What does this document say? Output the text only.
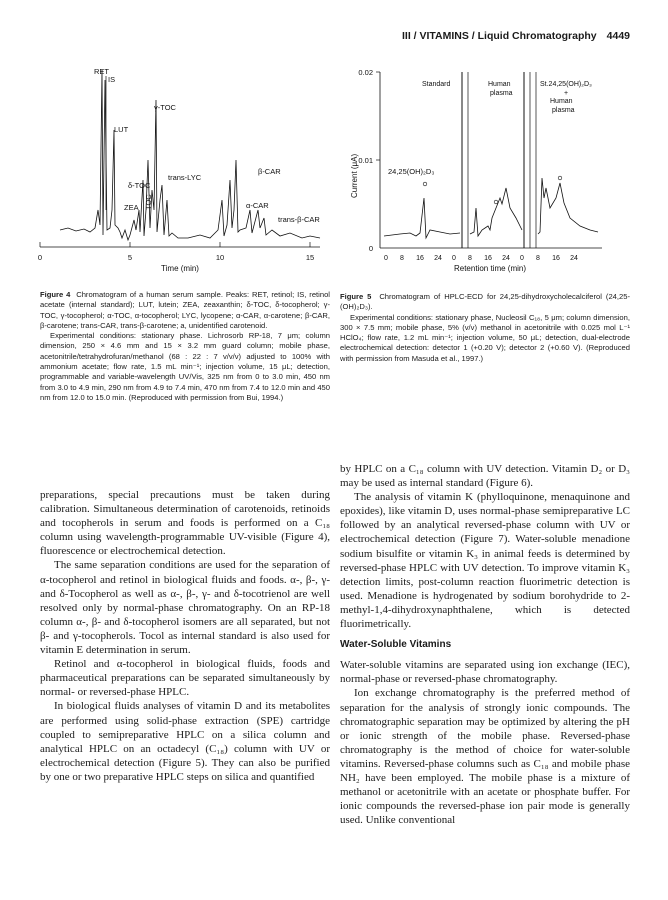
III / VITAMINS / Liquid Chromatography 4449
0	5	10	15
Time (min)
RET
IS
LUT
γ-TOC
δ-TOC
ZEA TOC
trans-LYC
β-CAR
α-CAR
trans-β-CAR

Figure 4 Chromatogram of a human serum sample. Peaks: RET, retinol; IS, retinol acetate (internal standard); LUT, lutein; ZEA, zeaxanthin; δ-TOC, δ-tocopherol; γ-TOC, γ-tocopherol; α-TOC, α-tocopherol; LYC, lycopene; α-CAR, α-carotene; β-CAR, β-carotene; trans-CAR, trans-β-carotene; a, unidentified carotenoid.

Experimental conditions: stationary phase. Lichrosorb RP-18, 7 μm; column dimension, 250 × 4.6 mm and 15 × 3.2 mm guard column; mobile phase, acetonitrile/tetrahydrofuran/methanol (68 : 22 : 7 v/v/v) adjusted to 100% with ammonium acetate; flow rate, 1.5 mL min⁻¹; injection volume, 15 μL; detection, programmable and variable-wavelength UV/Vis, 325 nm from 0 to 3.0 min, 450 nm from 3.0 to 4.9 min, 290 nm from 4.9 to 7.4 min, 470 nm from 7.4 to 12.0 min and 450 nm from 12.0 to 15.0 min. (Reproduced with permission from Bui, 1994.)

0.02
0.01
0
Current (μA)
Standard	Human
plasma
St.24,25(OH)₂D₃
+
Human
plasma
24,25(OH)₂D₃
0 8 16 24 0 8 16 24 0 8 16 24
Retention time (min)

Figure 5 Chromatogram of HPLC-ECD for 24,25-dihydroxycholecalciferol (24,25-(OH)₂D₃).

Experimental conditions: stationary phase, Nucleosil C₁₈, 5 μm; column dimension, 300 × 7.5 mm; mobile phase, 5% (v/v) methanol in acetonitrile with 0.025 mol L⁻¹ HClO₄; flow rate, 1.2 mL min⁻¹; injection volume, 50 μL; detection, dual-electrode electrochemical detection: detector 1 (+0.20 V); detector 2 (+0.60 V). (Reproduced with permission from Masuda et al., 1997.)

preparations, special precautions must be taken during calibration. Simultaneous determination of carotenoids, retinoids and tocopherols in serum and foods is performed on a C₁₈ column using wavelength-programmable UV-visible (Figure 4), fluorescence or electrochemical detection.

The same separation conditions are used for the separation of α-tocopherol and retinol in biological fluids and foods. α-, β-, γ- and δ-Tocopherol as well as α-, β-, γ- and δ-tocotrienol are well resolved only by normal-phase chromatography. On an RP-18 column α-, β- and δ-tocopherol isomers are all separated, but not β- and γ-tocopherols. Tocol as internal standard is also used for vitamin E determination in serum.

Retinol and α-tocopherol in biological fluids, foods and pharmaceutical preparations can be separated simultaneously by normal- or reversed-phase HPLC.

In biological fluids analyses of vitamin D and its metabolites are performed using solid-phase extraction (SPE) cartridge coupled to semipreparative HPLC on a silica column and analytical HPLC on an octadecyl (C₁₈) column with UV or electrochemical detection (Figure 5). They can also be purified by one or two preparative HPLC steps on silica and quantified

by HPLC on a C₁₈ column with UV detection. Vitamin D₂ or D₃ may be used as internal standard (Figure 6).

The analysis of vitamin K (phylloquinone, menaquinone and epoxides), like vitamin D, uses normal-phase semipreparative LC followed by an analytical reversed-phase column with UV or electrochemical detection (Figure 7). Water-soluble menadione sodium bisulfite or vitamin K₃ in animal feeds is determined by reversed-phase HPLC with UV detection. To improve vitamin K₃ detection limits, post-column reaction fluorimetric detection is used. Menadione is hydrogenated by sodium borohydride to 2-methyl-1,4-dihydroxynaphthalene, which is detected fluorimetrically.

Water-Soluble Vitamins

Water-soluble vitamins are separated using ion exchange (IEC), normal-phase or reversed-phase chromatography.

Ion exchange chromatography is the preferred method of separation for the analysis of strongly ionic compounds. The chromatographic separation may be optimized by altering the pH or ionic strength of the mobile phase. Reversed-phase chromatography is the method of choice for water-soluble vitamins. Reversed-phase columns such as C₁₈ and mobile phase NH₂ have been employed. The mobile phase is a mixture of methanol or acetonitrile with an acetate or phosphate buffer. For ionic compounds the reversed-phase ion pair mode is generally used. Unlike conventional
